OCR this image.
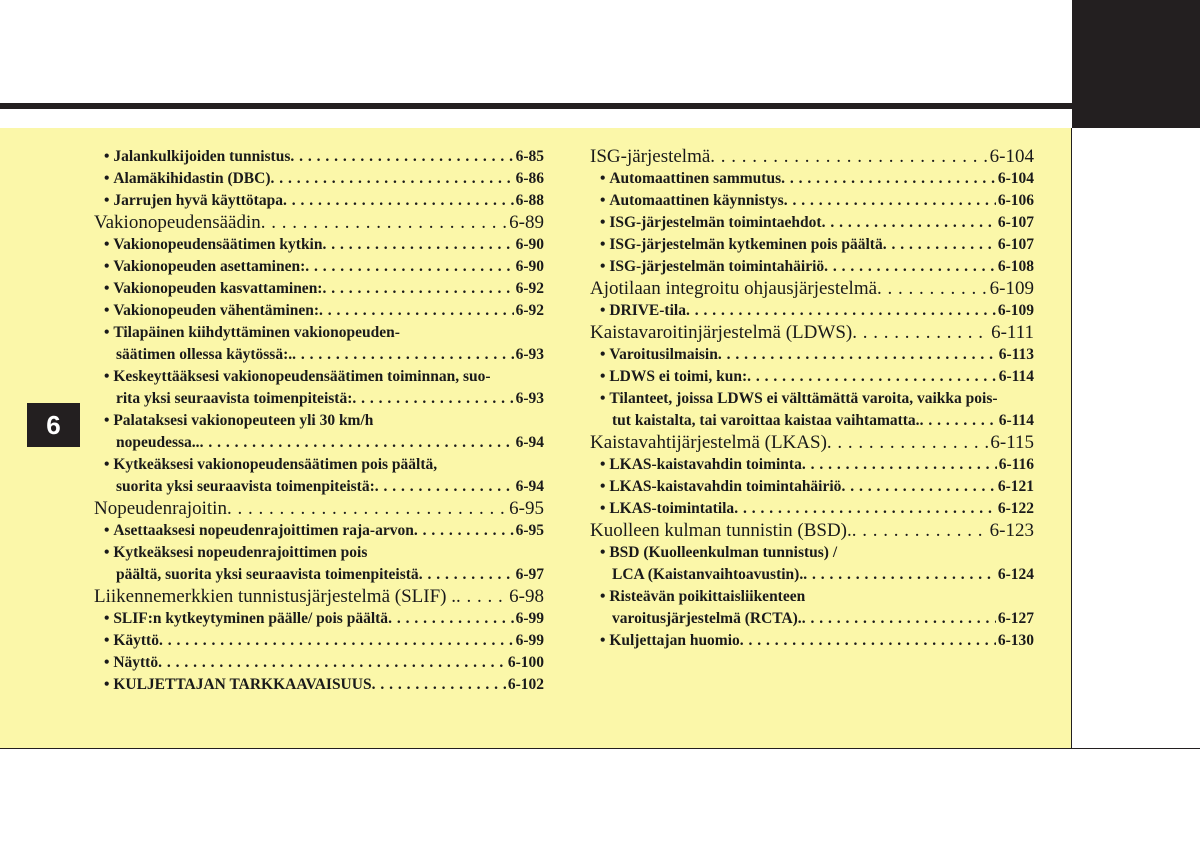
6
• Jalankulkijoiden tunnistus . . .	6-85
• Alamäkihidastin (DBC) . . .	6-86
• Jarrujen hyvä käyttötapa . . .	6-88
Vakionopeudensäädin . . .	6-89
• Vakionopeudensäätimen kytkin . . .	6-90
• Vakionopeuden asettaminen: . . .	6-90
• Vakionopeuden kasvattaminen: . . .	6-92
• Vakionopeuden vähentäminen: . . .	6-92
• Tilapäinen kiihdyttäminen vakionopeuden-
säätimen ollessa käytössä:. . . .	6-93
• Keskeyttääksesi vakionopeudensäätimen toiminnan, suo-
rita yksi seuraavista toimenpiteistä: . . .	6-93
• Palataksesi vakionopeuteen yli 30 km/h
nopeudessa.. . . .	6-94
• Kytkeäksesi vakionopeudensäätimen pois päältä,
suorita yksi seuraavista toimenpiteistä: . . .	6-94
Nopeudenrajoitin . . .	6-95
• Asettaaksesi nopeudenrajoittimen raja-arvon . . .	6-95
• Kytkeäksesi nopeudenrajoittimen pois
päältä, suorita yksi seuraavista toimenpiteistä . . .	6-97
Liikennemerkkien tunnistusjärjestelmä (SLIF) . . . .	6-98
• SLIF:n kytkeytyminen päälle/ pois päältä . . .	6-99
• Käyttö . . .	6-99
• Näyttö . . .	6-100
• KULJETTAJAN TARKKAAVAISUUS . . .	6-102
ISG-järjestelmä . . .	6-104
• Automaattinen sammutus . . .	6-104
• Automaattinen käynnistys . . .	6-106
• ISG-järjestelmän toimintaehdot . . .	6-107
• ISG-järjestelmän kytkeminen pois päältä . . .	6-107
• ISG-järjestelmän toimintahäiriö . . .	6-108
Ajotilaan integroitu ohjausjärjestelmä . . .	6-109
• DRIVE-tila . . .	6-109
Kaistavaroitinjärjestelmä (LDWS) . . .	6-111
• Varoitusilmaisin . . .	6-113
• LDWS ei toimi, kun: . . .	6-114
• Tilanteet, joissa LDWS ei välttämättä varoita, vaikka pois-
tut kaistalta, tai varoittaa kaistaa vaihtamatta. . . .	6-114
Kaistavahtijärjestelmä (LKAS) . . .	6-115
• LKAS-kaistavahdin toiminta . . .	6-116
• LKAS-kaistavahdin toimintahäiriö . . .	6-121
• LKAS-toimintatila . . .	6-122
Kuolleen kulman tunnistin (BSD). . . .	6-123
• BSD (Kuolleenkulman tunnistus) /
LCA (Kaistanvaihtoavustin). . . .	6-124
• Risteävän poikittaisliikenteen
varoitusjärjestelmä (RCTA). . . .	6-127
• Kuljettajan huomio . . .	6-130
